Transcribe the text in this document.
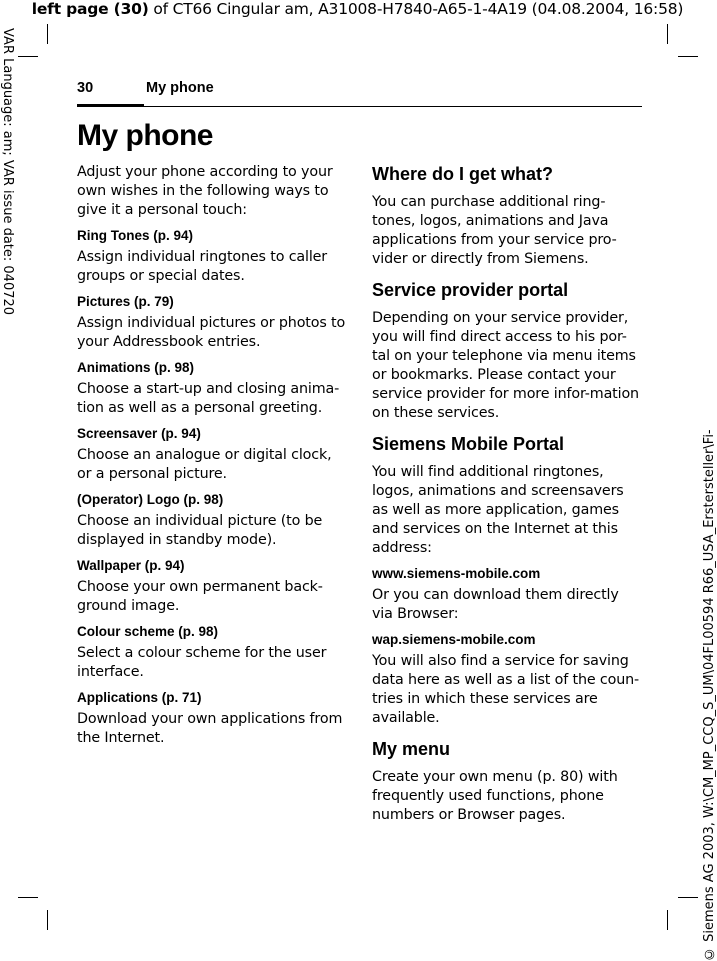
left page (30) of CT66 Cingular am, A31008-H7840-A65-1-4A19 (04.08.2004, 16:58)
VAR Language: am; VAR issue date: 040720
© Siemens AG 2003, W:\CM_MP_CCQ_S_UM\04FL00594 R66_USA_Erstersteller\Fi-
30	My phone
My phone

Adjust your phone according to your own wishes in the following ways to give it a personal touch:

Ring Tones (p. 94)

Assign individual ringtones to caller groups or special dates.

Pictures (p. 79)

Assign individual pictures or photos to your Addressbook entries.

Animations (p. 98)

Choose a start-up and closing anima-tion as well as a personal greeting.

Screensaver (p. 94)

Choose an analogue or digital clock, or a personal picture.

(Operator) Logo (p. 98)

Choose an individual picture (to be displayed in standby mode).

Wallpaper (p. 94)

Choose your own permanent back-ground image.

Colour scheme (p. 98)

Select a colour scheme for the user interface.

Applications (p. 71)

Download your own applications from the Internet.

Where do I get what?

You can purchase additional ring-tones, logos, animations and Java applications from your service pro-vider or directly from Siemens.

Service provider portal

Depending on your service provider, you will find direct access to his por-tal on your telephone via menu items or bookmarks. Please contact your service provider for more infor-mation on these services.

Siemens Mobile Portal

You will find additional ringtones, logos, animations and screensavers as well as more application, games and services on the Internet at this address:

www.siemens-mobile.com

Or you can download them directly via Browser:

wap.siemens-mobile.com

You will also find a service for saving data here as well as a list of the coun-tries in which these services are available.

My menu

Create your own menu (p. 80) with frequently used functions, phone numbers or Browser pages.
